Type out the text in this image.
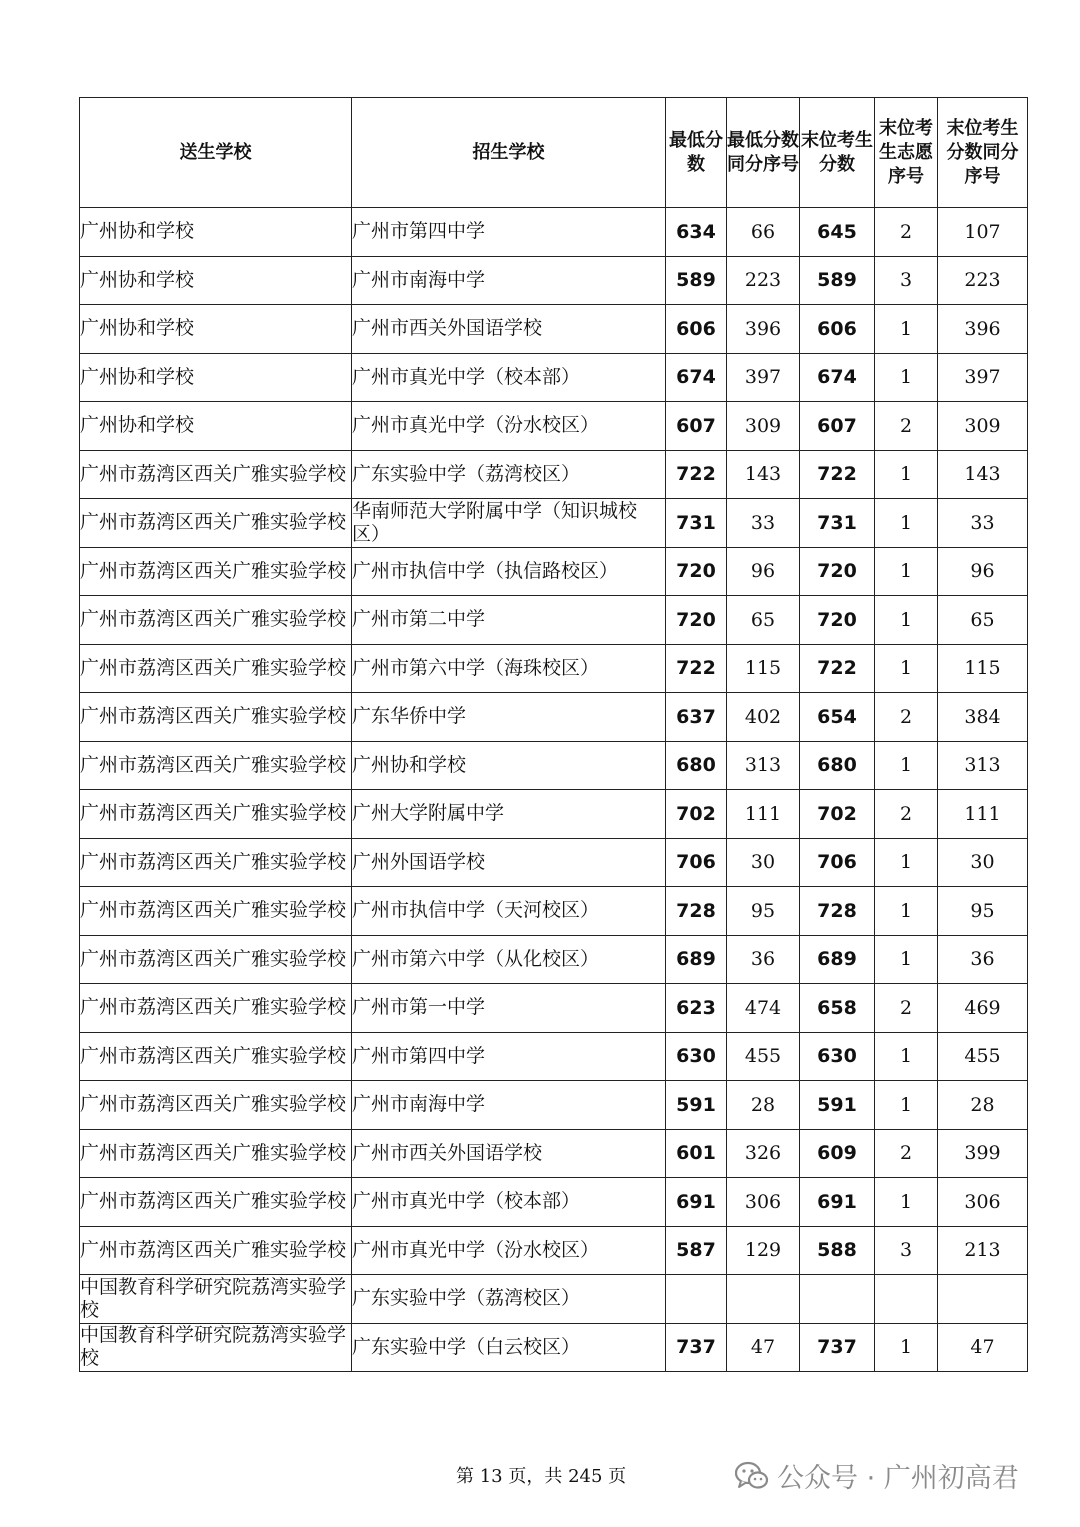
送生学校	招生学校	最低分数	最低分数同分序号	末位考生分数	末位考生志愿序号	末位考生分数同分序号
广州协和学校	广州市第四中学	634	66	645	2	107
广州协和学校	广州市南海中学	589	223	589	3	223
广州协和学校	广州市西关外国语学校	606	396	606	1	396
广州协和学校	广州市真光中学（校本部）	674	397	674	1	397
广州协和学校	广州市真光中学（汾水校区）	607	309	607	2	309
广州市荔湾区西关广雅实验学校	广东实验中学（荔湾校区）	722	143	722	1	143
广州市荔湾区西关广雅实验学校	华南师范大学附属中学（知识城校区）	731	33	731	1	33
广州市荔湾区西关广雅实验学校	广州市执信中学（执信路校区）	720	96	720	1	96
广州市荔湾区西关广雅实验学校	广州市第二中学	720	65	720	1	65
广州市荔湾区西关广雅实验学校	广州市第六中学（海珠校区）	722	115	722	1	115
广州市荔湾区西关广雅实验学校	广东华侨中学	637	402	654	2	384
广州市荔湾区西关广雅实验学校	广州协和学校	680	313	680	1	313
广州市荔湾区西关广雅实验学校	广州大学附属中学	702	111	702	2	111
广州市荔湾区西关广雅实验学校	广州外国语学校	706	30	706	1	30
广州市荔湾区西关广雅实验学校	广州市执信中学（天河校区）	728	95	728	1	95
广州市荔湾区西关广雅实验学校	广州市第六中学（从化校区）	689	36	689	1	36
广州市荔湾区西关广雅实验学校	广州市第一中学	623	474	658	2	469
广州市荔湾区西关广雅实验学校	广州市第四中学	630	455	630	1	455
广州市荔湾区西关广雅实验学校	广州市南海中学	591	28	591	1	28
广州市荔湾区西关广雅实验学校	广州市西关外国语学校	601	326	609	2	399
广州市荔湾区西关广雅实验学校	广州市真光中学（校本部）	691	306	691	1	306
广州市荔湾区西关广雅实验学校	广州市真光中学（汾水校区）	587	129	588	3	213
中国教育科学研究院荔湾实验学校	广东实验中学（荔湾校区）					
中国教育科学研究院荔湾实验学校	广东实验中学（白云校区）	737	47	737	1	47
第 13 页，共 245 页	公众号 · 广州初高君
